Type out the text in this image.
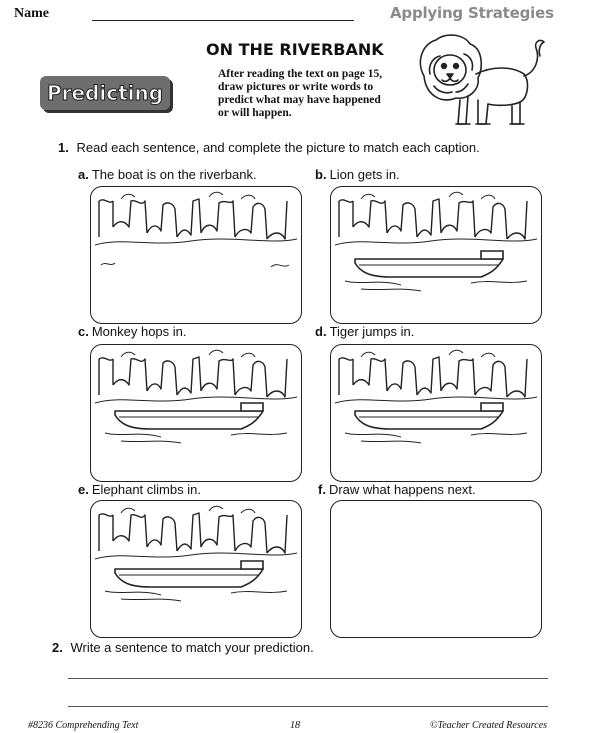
Name	Applying Strategies
ON THE RIVERBANK
Predicting
After reading the text on page 15,
draw pictures or write words to
predict what may have happened
or will happen.
1. Read each sentence, and complete the picture to match each caption.
a. The boat is on the riverbank.	b. Lion gets in.
c. Monkey hops in.	d. Tiger jumps in.
e. Elephant climbs in.	f. Draw what happens next.
2. Write a sentence to match your prediction.
#8236 Comprehending Text	18	©Teacher Created Resources
